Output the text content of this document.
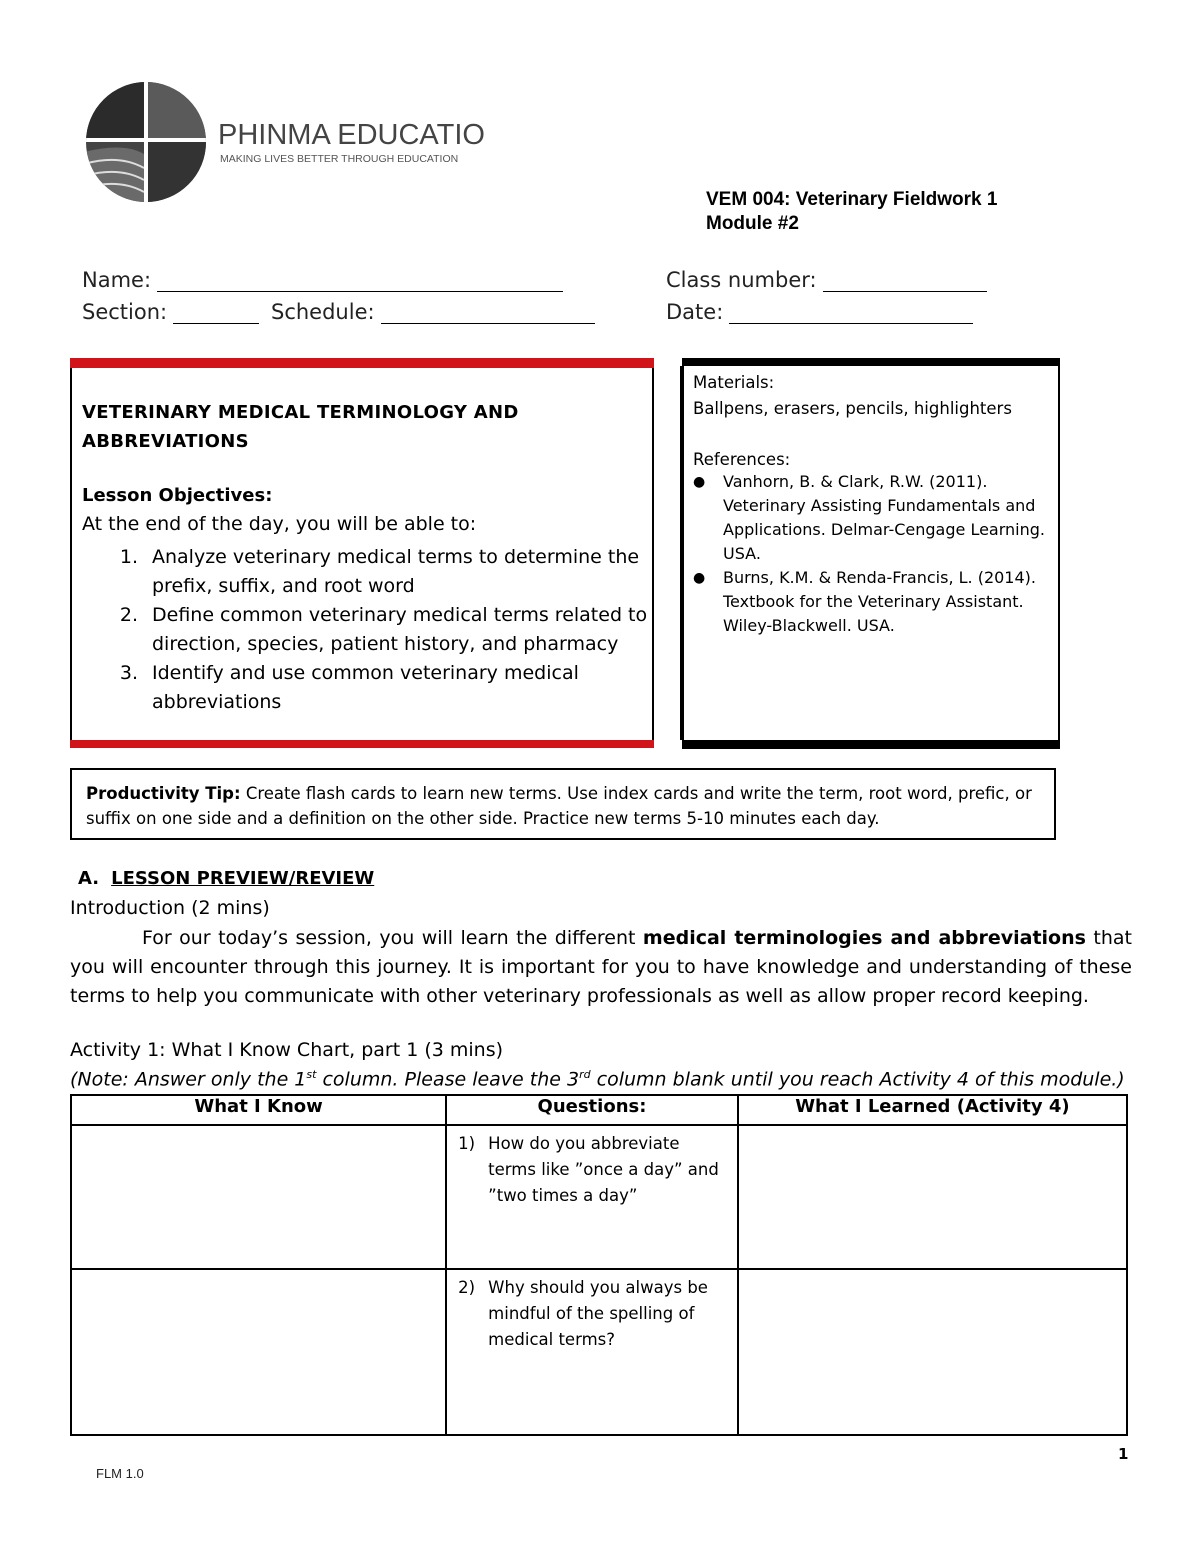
PHINMA EDUCATION
MAKING LIVES BETTER THROUGH EDUCATION
VEM 004: Veterinary Fieldwork 1
Module #2
Name:	Class number:
Section:	Schedule:	Date:
VETERINARY MEDICAL TERMINOLOGY AND ABBREVIATIONS
Lesson Objectives:
At the end of the day, you will be able to:
1. Analyze veterinary medical terms to determine the prefix, suffix, and root word
2. Define common veterinary medical terms related to direction, species, patient history, and pharmacy
3. Identify and use common veterinary medical abbreviations
Materials:
Ballpens, erasers, pencils, highlighters
References:
●	Vanhorn, B. & Clark, R.W. (2011). Veterinary Assisting Fundamentals and Applications. Delmar-Cengage Learning. USA.
●	Burns, K.M. & Renda-Francis, L. (2014). Textbook for the Veterinary Assistant. Wiley-Blackwell. USA.
Productivity Tip: Create flash cards to learn new terms. Use index cards and write the term, root word, prefic, or suffix on one side and a definition on the other side. Practice new terms 5-10 minutes each day.
A. LESSON PREVIEW/REVIEW
Introduction (2 mins)
For our today’s session, you will learn the different medical terminologies and abbreviations that you will encounter through this journey. It is important for you to have knowledge and understanding of these terms to help you communicate with other veterinary professionals as well as allow proper record keeping.
Activity 1: What I Know Chart, part 1 (3 mins)
(Note: Answer only the 1st column. Please leave the 3rd column blank until you reach Activity 4 of this module.)
What I Know	Questions:	What I Learned (Activity 4)

	1) How do you abbreviate terms like ”once a day” and ”two times a day”	

	2) Why should you always be mindful of the spelling of medical terms?	

1
FLM 1.0
